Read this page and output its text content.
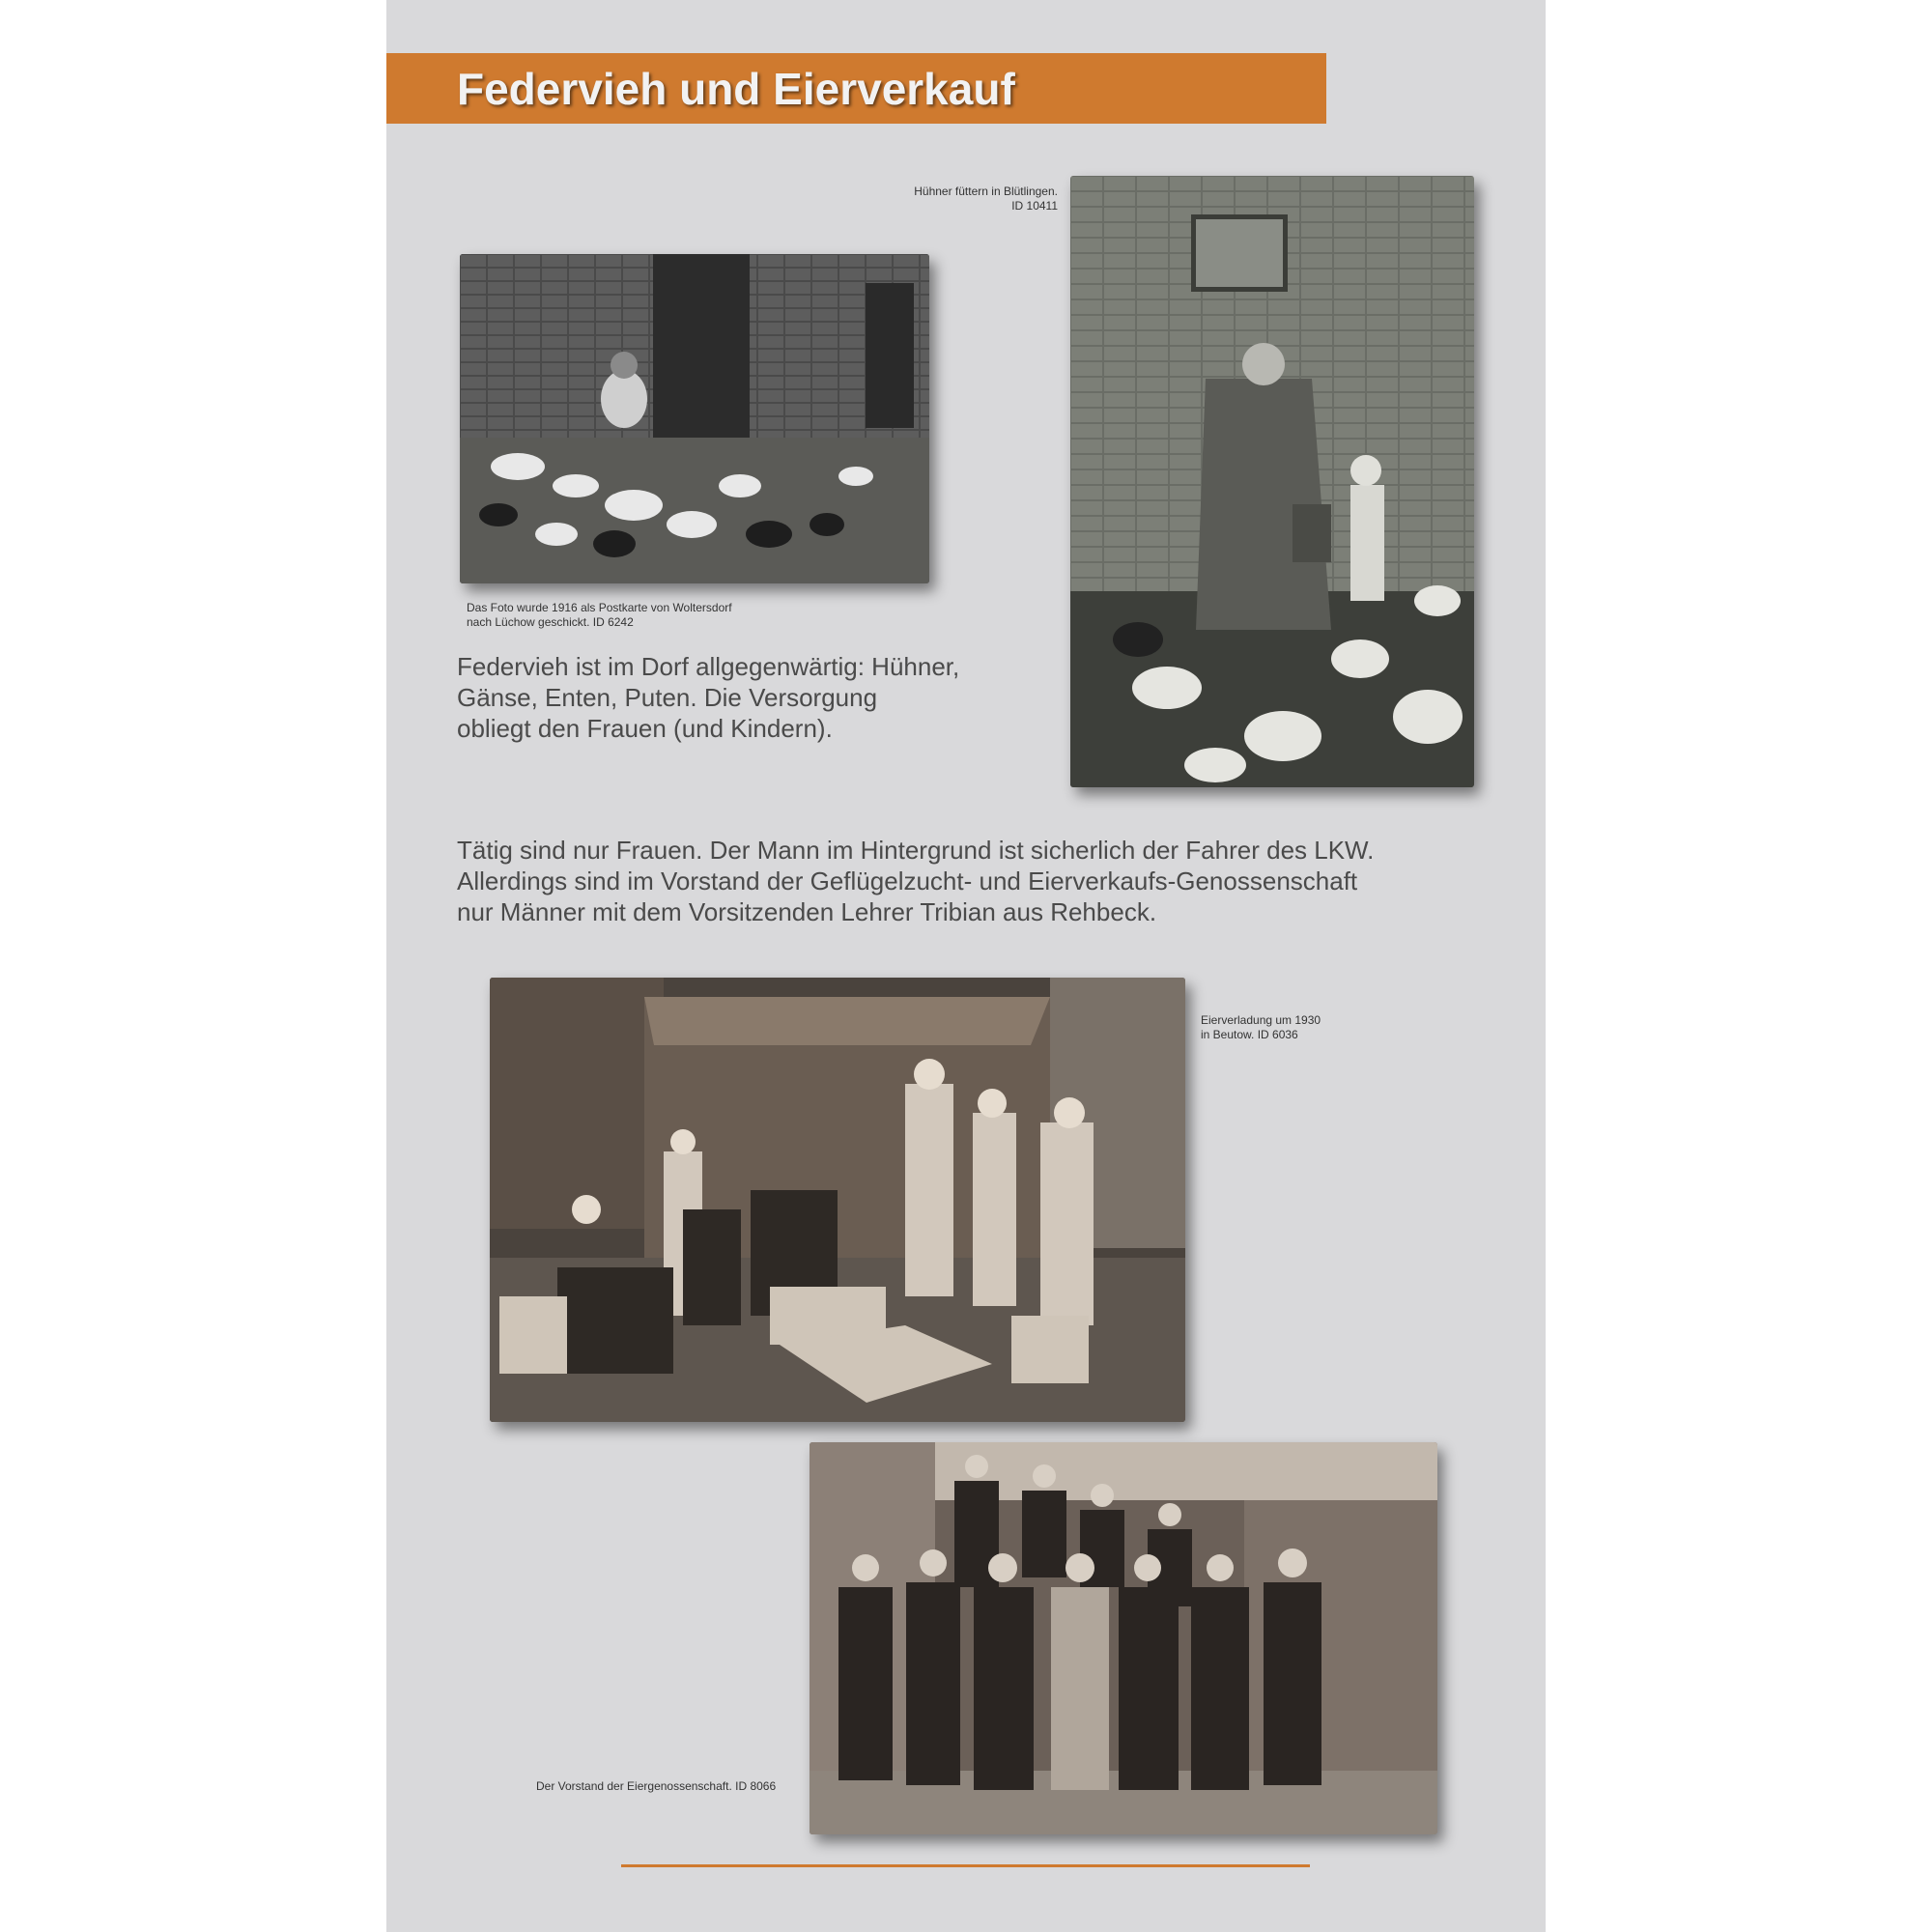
Federvieh und Eierverkauf
Das Foto wurde 1916 als Postkarte von Woltersdorf
nach Lüchow geschickt. ID 6242
Hühner füttern in Blütlingen.
ID 10411
Federvieh ist im Dorf allgegenwärtig: Hühner,
Gänse, Enten, Puten. Die Versorgung
obliegt den Frauen (und Kindern).
Tätig sind nur Frauen. Der Mann im Hintergrund ist sicherlich der Fahrer des LKW.
Allerdings sind im Vorstand der Geflügelzucht- und Eierverkaufs-Genossenschaft
nur Männer mit dem Vorsitzenden Lehrer Tribian aus Rehbeck.
Eierverladung um 1930
in Beutow. ID 6036
Der Vorstand der Eiergenossenschaft. ID 8066
